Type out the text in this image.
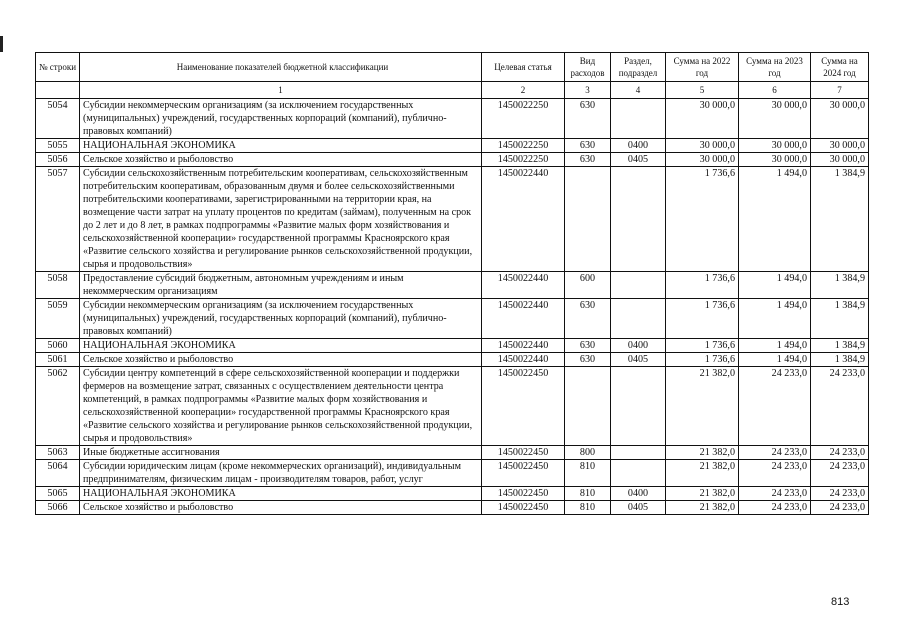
№ строки	Наименование показателей бюджетной классификации	Целевая статья	Вид расходов	Раздел, подраздел	Сумма на 2022 год	Сумма на 2023 год	Сумма на 2024 год
	1	2	3	4	5	6	7
5054	Субсидии некоммерческим организациям (за исключением государственных (муниципальных) учреждений, государственных корпораций (компаний), публично-правовых компаний)	1450022250	630		30 000,0	30 000,0	30 000,0
5055	НАЦИОНАЛЬНАЯ ЭКОНОМИКА	1450022250	630	0400	30 000,0	30 000,0	30 000,0
5056	Сельское хозяйство и рыболовство	1450022250	630	0405	30 000,0	30 000,0	30 000,0
5057	Субсидии сельскохозяйственным потребительским кооперативам, сельскохозяйственным потребительским кооперативам, образованным двумя и более сельскохозяйственными потребительскими кооперативами, зарегистрированными на территории края, на возмещение части затрат на уплату процентов по кредитам (займам), полученным на срок до 2 лет и до 8 лет, в рамках подпрограммы «Развитие малых форм хозяйствования и сельскохозяйственной кооперации» государственной программы Красноярского края «Развитие сельского хозяйства и регулирование рынков сельскохозяйственной продукции, сырья и продовольствия»	1450022440			1 736,6	1 494,0	1 384,9
5058	Предоставление субсидий бюджетным, автономным учреждениям и иным некоммерческим организациям	1450022440	600		1 736,6	1 494,0	1 384,9
5059	Субсидии некоммерческим организациям (за исключением государственных (муниципальных) учреждений, государственных корпораций (компаний), публично-правовых компаний)	1450022440	630		1 736,6	1 494,0	1 384,9
5060	НАЦИОНАЛЬНАЯ ЭКОНОМИКА	1450022440	630	0400	1 736,6	1 494,0	1 384,9
5061	Сельское хозяйство и рыболовство	1450022440	630	0405	1 736,6	1 494,0	1 384,9
5062	Субсидии центру компетенций в сфере сельскохозяйственной кооперации и поддержки фермеров на возмещение затрат, связанных с осуществлением деятельности центра компетенций, в рамках подпрограммы «Развитие малых форм хозяйствования и сельскохозяйственной кооперации» государственной программы Красноярского края «Развитие сельского хозяйства и регулирование рынков сельскохозяйственной продукции, сырья и продовольствия»	1450022450			21 382,0	24 233,0	24 233,0
5063	Иные бюджетные ассигнования	1450022450	800		21 382,0	24 233,0	24 233,0
5064	Субсидии юридическим лицам (кроме некоммерческих организаций), индивидуальным предпринимателям, физическим лицам - производителям товаров, работ, услуг	1450022450	810		21 382,0	24 233,0	24 233,0
5065	НАЦИОНАЛЬНАЯ ЭКОНОМИКА	1450022450	810	0400	21 382,0	24 233,0	24 233,0
5066	Сельское хозяйство и рыболовство	1450022450	810	0405	21 382,0	24 233,0	24 233,0
813
